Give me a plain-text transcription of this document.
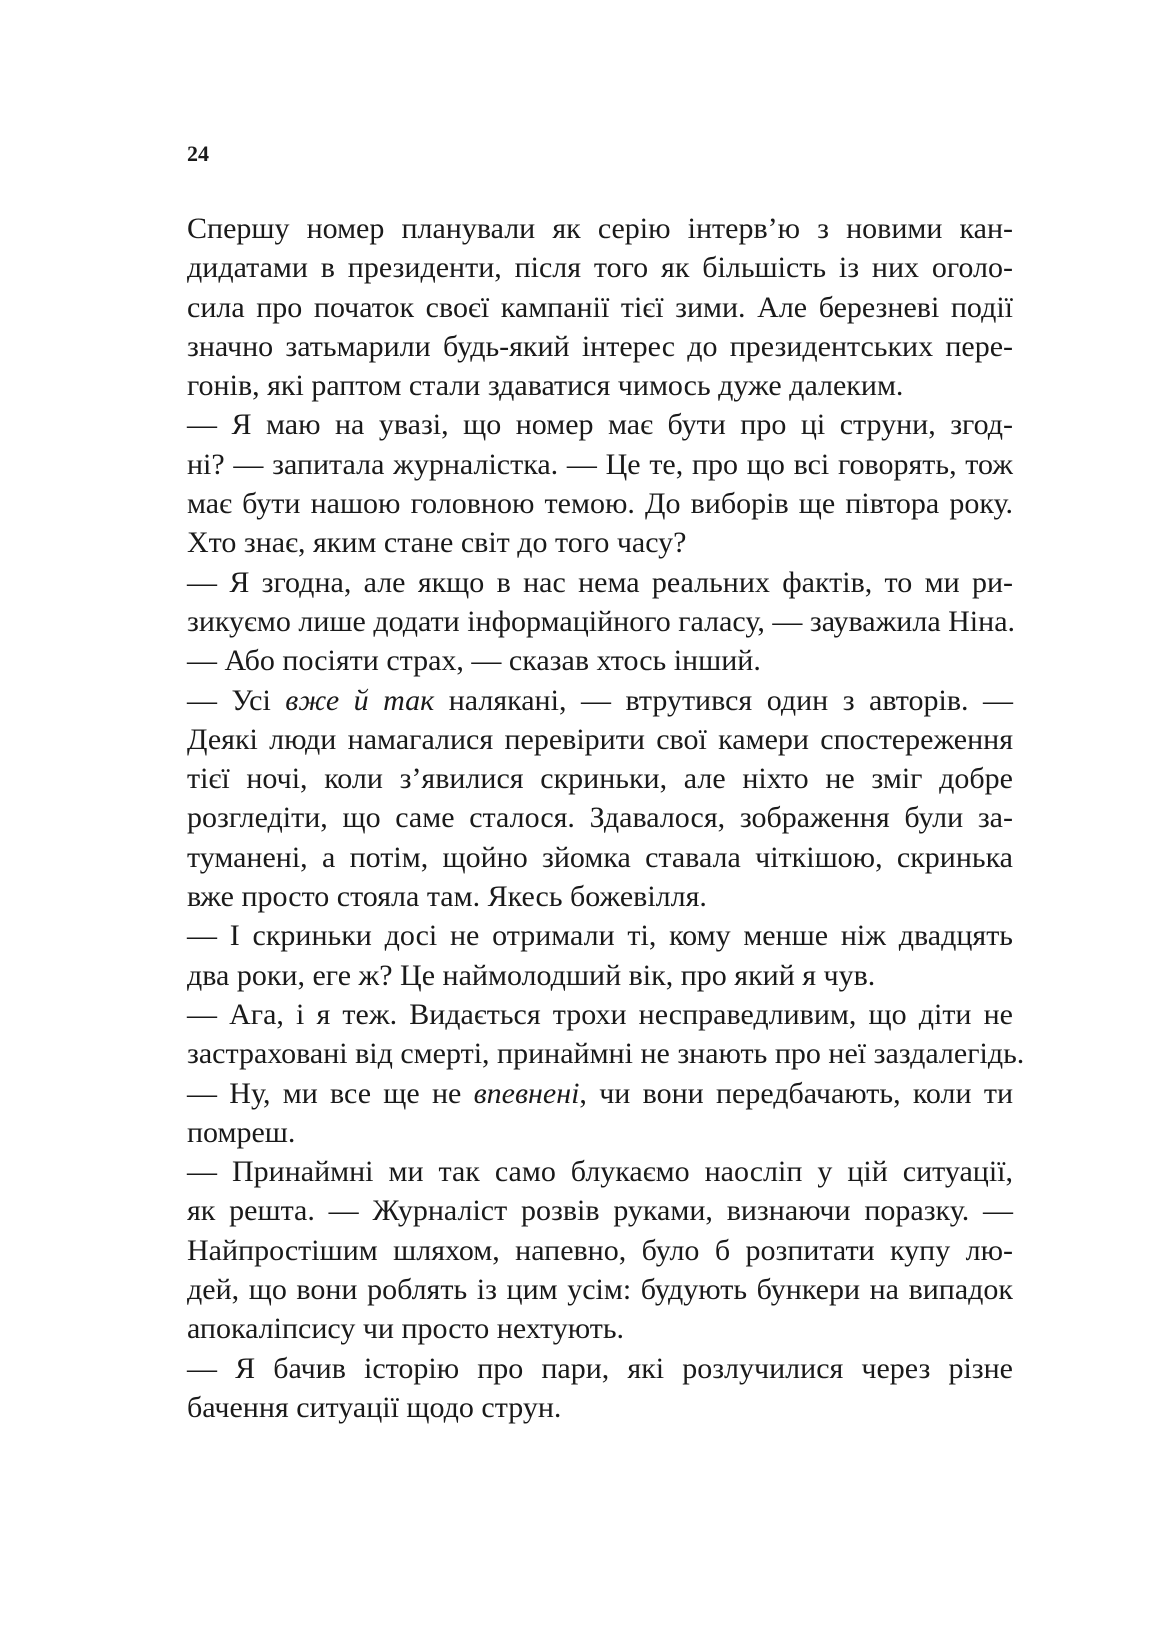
24
Спершу номер планували як серію інтерв’ю з новими кан-
дидатами в президенти, після того як більшість із них оголо-
сила про початок своєї кампанії тієї зими. Але березневі події
значно затьмарили будь-який інтерес до президентських пере-
гонів, які раптом стали здаватися чимось дуже далеким.
— Я маю на увазі, що номер має бути про ці струни, згод-
ні? — запитала журналістка. — Це те, про що всі говорять, тож
має бути нашою головною темою. До виборів ще півтора року.
Хто знає, яким стане світ до того часу?
— Я згодна, але якщо в нас нема реальних фактів, то ми ри-
зикуємо лише додати інформаційного галасу, — зауважила Ніна.
— Або посіяти страх, — сказав хтось інший.
— Усі вже й так налякані, — втрутився один з авторів. —
Деякі люди намагалися перевірити свої камери спостереження
тієї ночі, коли з’явилися скриньки, але ніхто не зміг добре
розгледіти, що саме сталося. Здавалося, зображення були за-
туманені, а потім, щойно зйомка ставала чіткішою, скринька
вже просто стояла там. Якесь божевілля.
— І скриньки досі не отримали ті, кому менше ніж двадцять
два роки, еге ж? Це наймолодший вік, про який я чув.
— Ага, і я теж. Видається трохи несправедливим, що діти не
застраховані від смерті, принаймні не знають про неї заздалегідь.
— Ну, ми все ще не впевнені, чи вони передбачають, коли ти
помреш.
— Принаймні ми так само блукаємо наосліп у цій ситуації,
як решта. — Журналіст розвів руками, визнаючи поразку. —
Найпростішим шляхом, напевно, було б розпитати купу лю-
дей, що вони роблять із цим усім: будують бункери на випадок
апокаліпсису чи просто нехтують.
— Я бачив історію про пари, які розлучилися через різне
бачення ситуації щодо струн.
